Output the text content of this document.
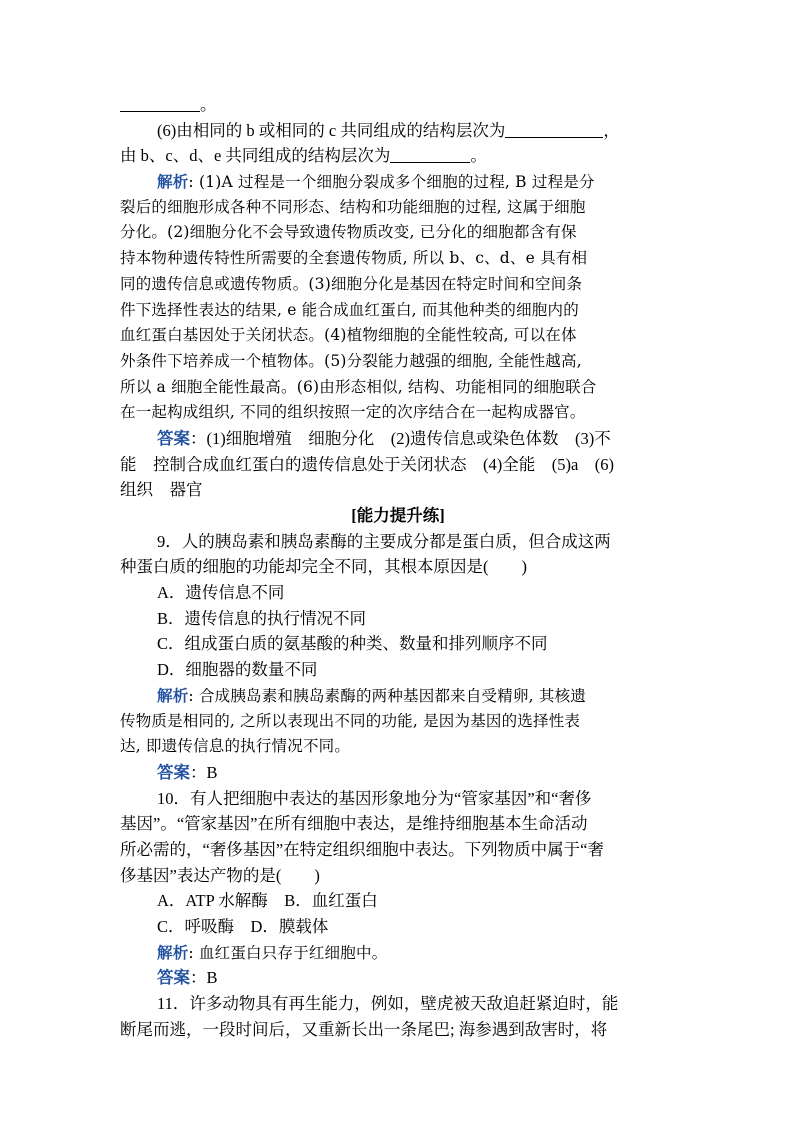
。
(6)由相同的 b 或相同的 c 共同组成的结构层次为	，
由 b、c、d、e 共同组成的结构层次为	。
解析: (1)A 过程是一个细胞分裂成多个细胞的过程, B 过程是分
裂后的细胞形成各种不同形态、结构和功能细胞的过程, 这属于细胞
分化。(2)细胞分化不会导致遗传物质改变, 已分化的细胞都含有保
持本物种遗传特性所需要的全套遗传物质, 所以 b、c、d、e 具有相
同的遗传信息或遗传物质。(3)细胞分化是基因在特定时间和空间条
件下选择性表达的结果, e 能合成血红蛋白, 而其他种类的细胞内的
血红蛋白基因处于关闭状态。(4)植物细胞的全能性较高, 可以在体
外条件下培养成一个植物体。(5)分裂能力越强的细胞, 全能性越高,
所以 a 细胞全能性最高。(6)由形态相似, 结构、功能相同的细胞联合
在一起构成组织, 不同的组织按照一定的次序结合在一起构成器官。
答案：(1)细胞增殖　细胞分化　(2)遗传信息或染色体数　(3)不
能　控制合成血红蛋白的遗传信息处于关闭状态　(4)全能　(5)a　(6)
组织　器官
[能力提升练]
9．人的胰岛素和胰岛素酶的主要成分都是蛋白质，但合成这两
种蛋白质的细胞的功能却完全不同，其根本原因是(　　)
A．遗传信息不同
B．遗传信息的执行情况不同
C．组成蛋白质的氨基酸的种类、数量和排列顺序不同
D．细胞器的数量不同
解析: 合成胰岛素和胰岛素酶的两种基因都来自受精卵, 其核遗
传物质是相同的, 之所以表现出不同的功能, 是因为基因的选择性表
达, 即遗传信息的执行情况不同。
答案：B
10．有人把细胞中表达的基因形象地分为“管家基因”和“奢侈
基因”。“管家基因”在所有细胞中表达，是维持细胞基本生命活动
所必需的，“奢侈基因”在特定组织细胞中表达。下列物质中属于“奢
侈基因”表达产物的是(　　)
A．ATP 水解酶　B．血红蛋白
C．呼吸酶　D．膜载体
解析: 血红蛋白只存于红细胞中。
答案：B
11．许多动物具有再生能力，例如，壁虎被天敌追赶紧迫时，能
断尾而逃，一段时间后，又重新长出一条尾巴; 海参遇到敌害时，将
